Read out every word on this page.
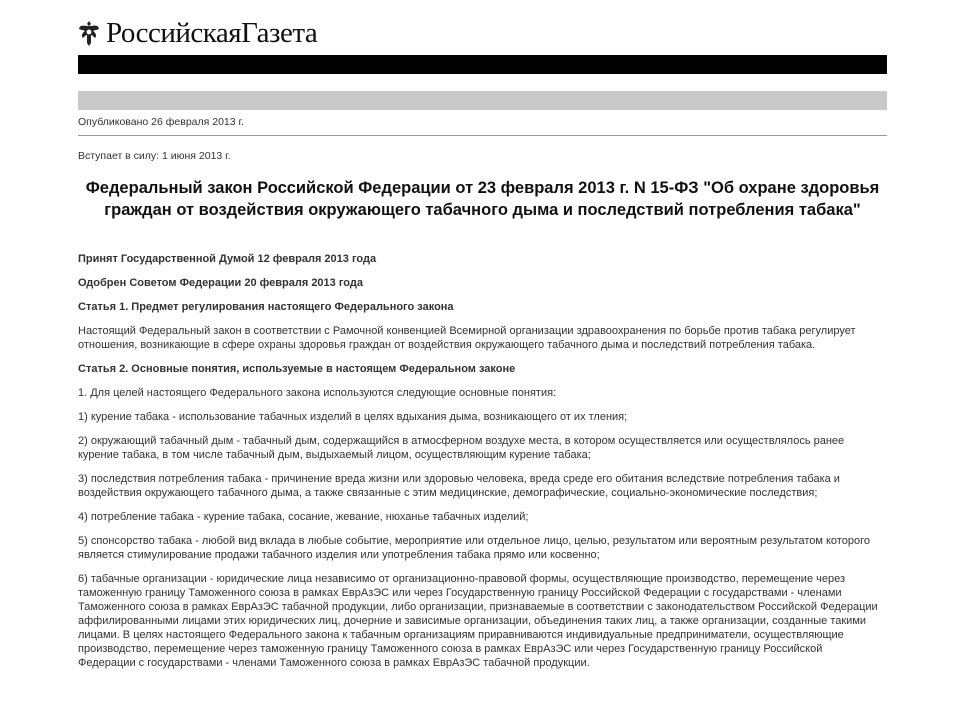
РоссийскаяГазета
Опубликовано 26 февраля 2013 г.
Вступает в силу: 1 июня 2013 г.
Федеральный закон Российской Федерации от 23 февраля 2013 г. N 15-ФЗ "Об охране здоровья граждан от воздействия окружающего табачного дыма и последствий потребления табака"

Принят Государственной Думой 12 февраля 2013 года

Одобрен Советом Федерации 20 февраля 2013 года

Статья 1. Предмет регулирования настоящего Федерального закона

Настоящий Федеральный закон в соответствии с Рамочной конвенцией Всемирной организации здравоохранения по борьбе против табака регулирует отношения, возникающие в сфере охраны здоровья граждан от воздействия окружающего табачного дыма и последствий потребления табака.

Статья 2. Основные понятия, используемые в настоящем Федеральном законе

1. Для целей настоящего Федерального закона используются следующие основные понятия:

1) курение табака - использование табачных изделий в целях вдыхания дыма, возникающего от их тления;

2) окружающий табачный дым - табачный дым, содержащийся в атмосферном воздухе места, в котором осуществляется или осуществлялось ранее курение табака, в том числе табачный дым, выдыхаемый лицом, осуществляющим курение табака;

3) последствия потребления табака - причинение вреда жизни или здоровью человека, вреда среде его обитания вследствие потребления табака и воздействия окружающего табачного дыма, а также связанные с этим медицинские, демографические, социально-экономические последствия;

4) потребление табака - курение табака, сосание, жевание, нюханье табачных изделий;

5) спонсорство табака - любой вид вклада в любые событие, мероприятие или отдельное лицо, целью, результатом или вероятным результатом которого является стимулирование продажи табачного изделия или употребления табака прямо или косвенно;

6) табачные организации - юридические лица независимо от организационно-правовой формы, осуществляющие производство, перемещение через таможенную границу Таможенного союза в рамках ЕврАзЭС или через Государственную границу Российской Федерации с государствами - членами Таможенного союза в рамках ЕврАзЭС табачной продукции, либо организации, признаваемые в соответствии с законодательством Российской Федерации аффилированными лицами этих юридических лиц, дочерние и зависимые организации, объединения таких лиц, а также организации, созданные такими лицами. В целях настоящего Федерального закона к табачным организациям приравниваются индивидуальные предприниматели, осуществляющие производство, перемещение через таможенную границу Таможенного союза в рамках ЕврАзЭС или через Государственную границу Российской Федерации с государствами - членами Таможенного союза в рамках ЕврАзЭС табачной продукции.
